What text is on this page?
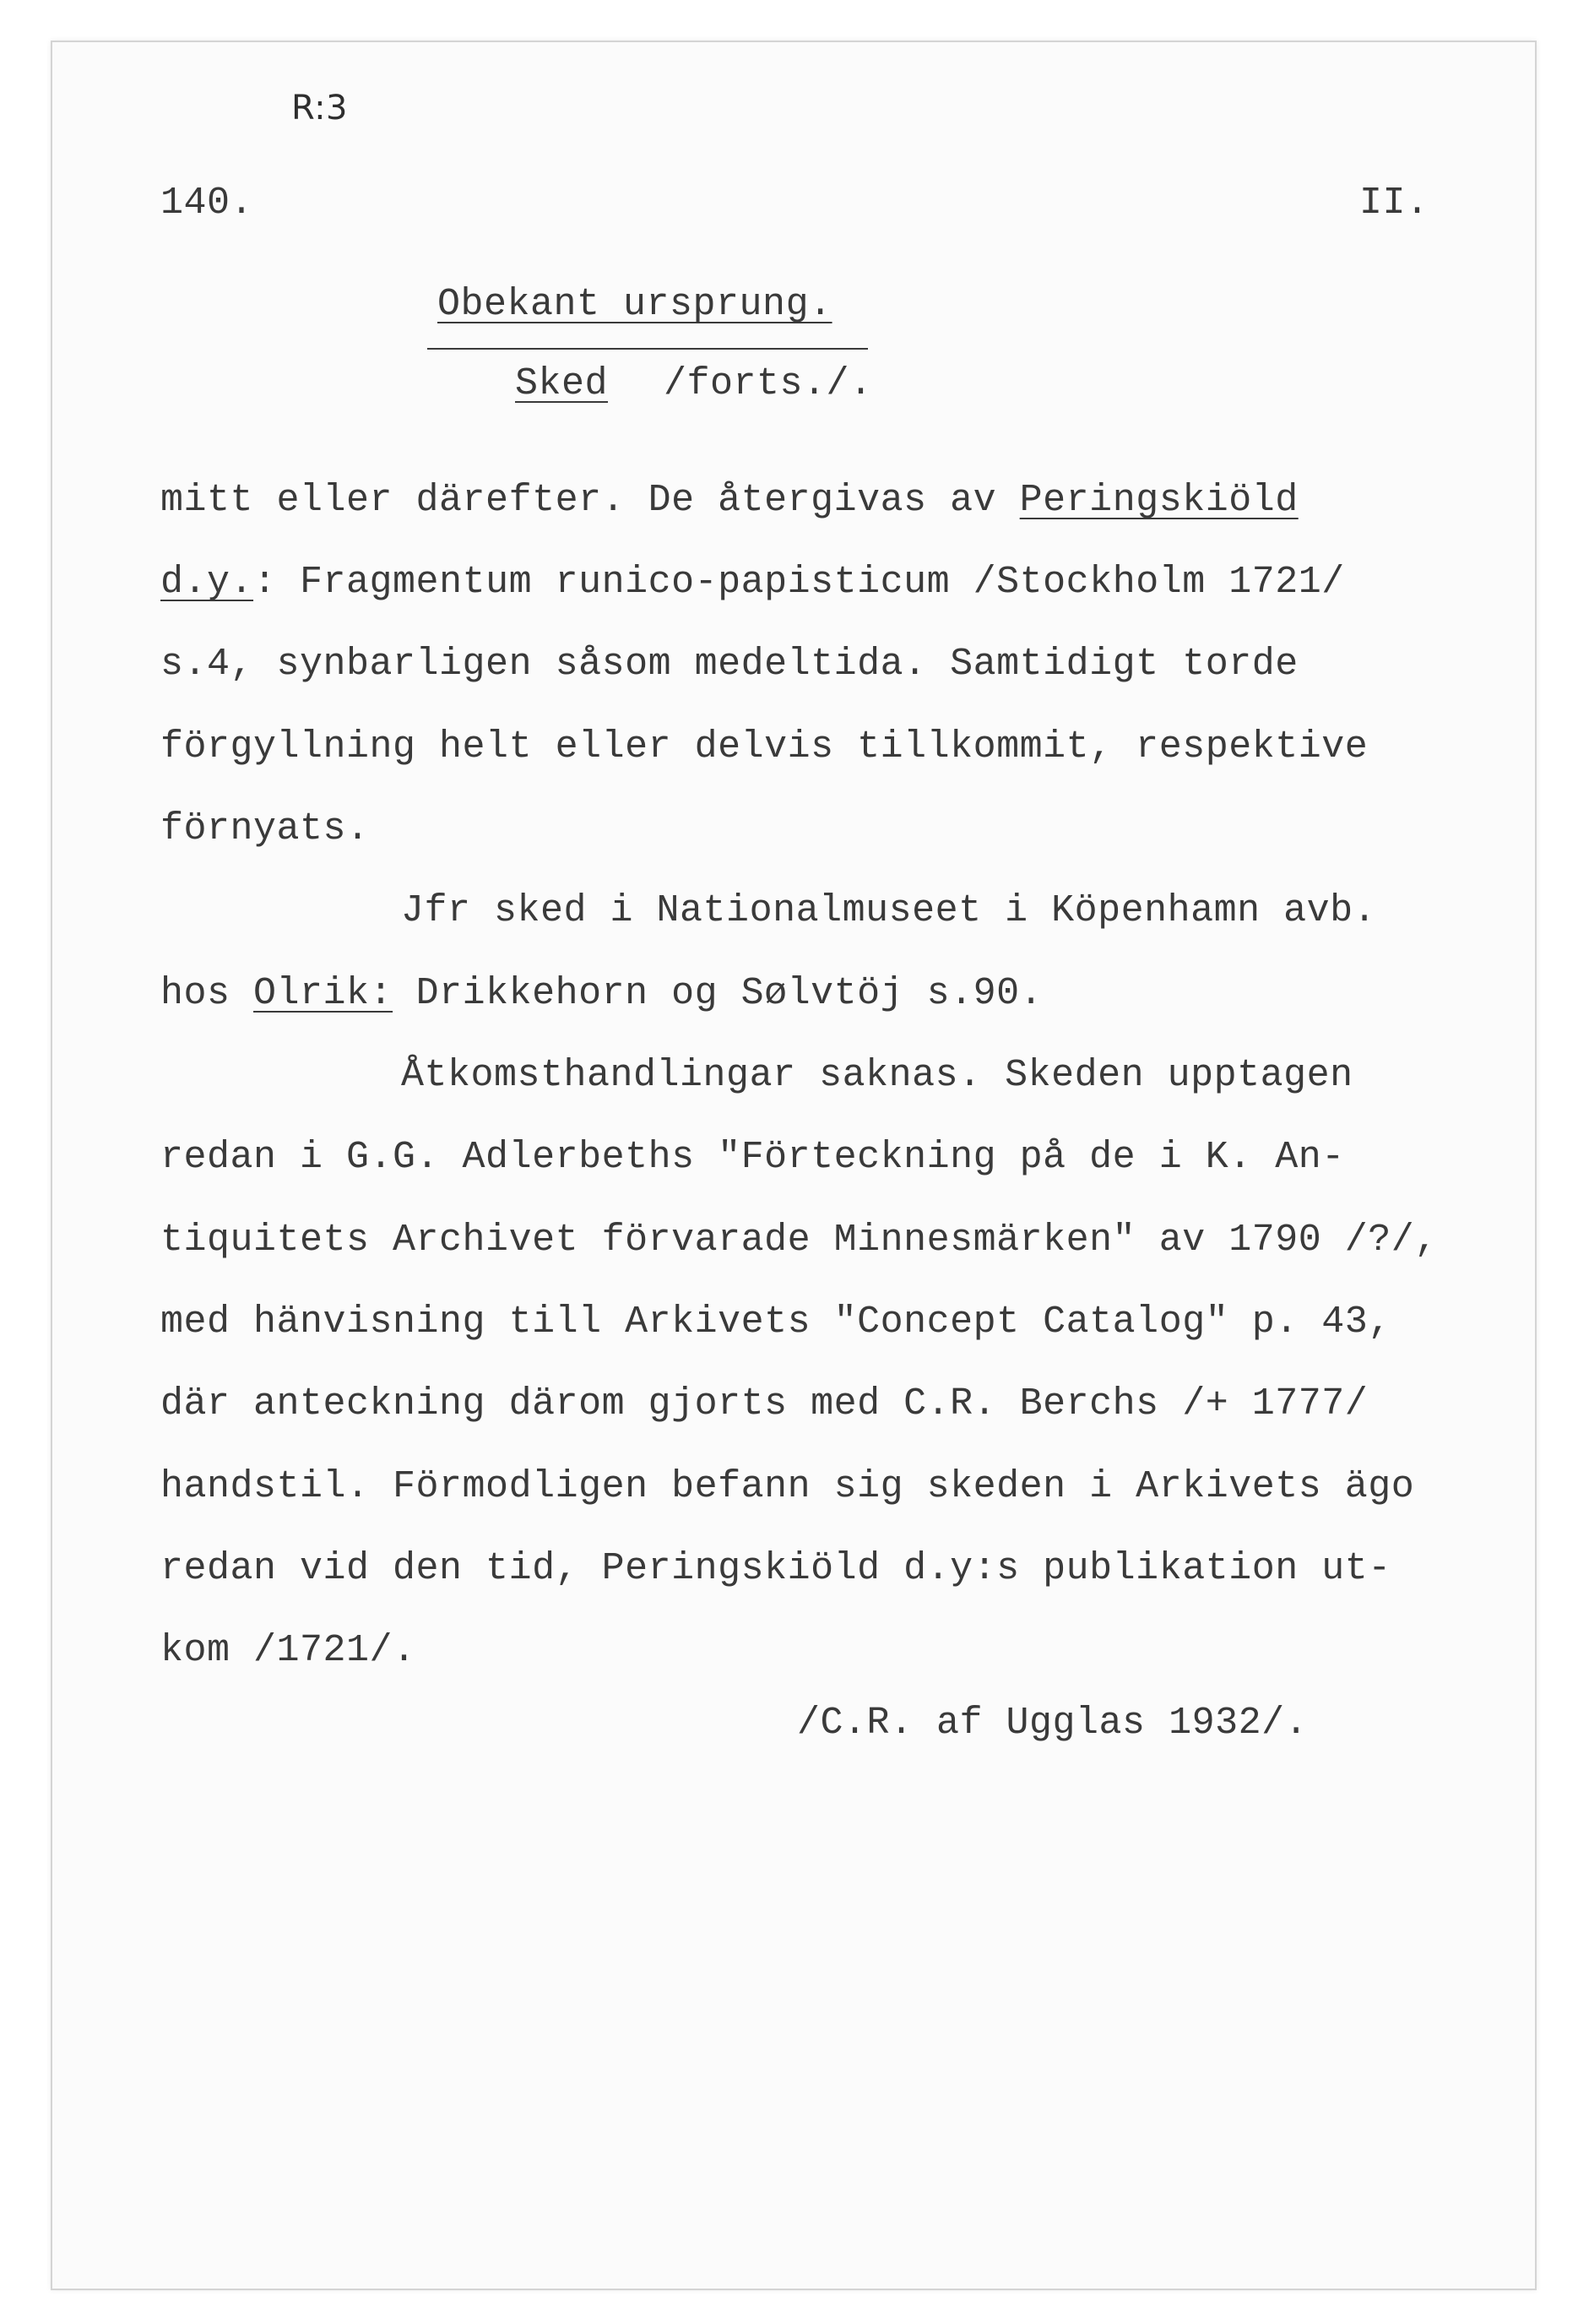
R:3
140.	II.
Obekant ursprung.
Sked /forts./.
mitt eller därefter. De återgivas av Peringskiöld
d.y.: Fragmentum runico-papisticum /Stockholm 1721/
s.4, synbarligen såsom medeltida. Samtidigt torde
förgyllning helt eller delvis tillkommit, respektive
förnyats.
Jfr sked i Nationalmuseet i Köpenhamn avb.
hos Olrik: Drikkehorn og Sølvtöj s.90.
Åtkomsthandlingar saknas. Skeden upptagen
redan i G.G. Adlerbeths "Förteckning på de i K. An-
tiquitets Archivet förvarade Minnesmärken" av 1790 /?/,
med hänvisning till Arkivets "Concept Catalog" p. 43,
där anteckning därom gjorts med C.R. Berchs /+ 1777/
handstil. Förmodligen befann sig skeden i Arkivets ägo
redan vid den tid, Peringskiöld d.y:s publikation ut-
kom /1721/.
/C.R. af Ugglas 1932/.
